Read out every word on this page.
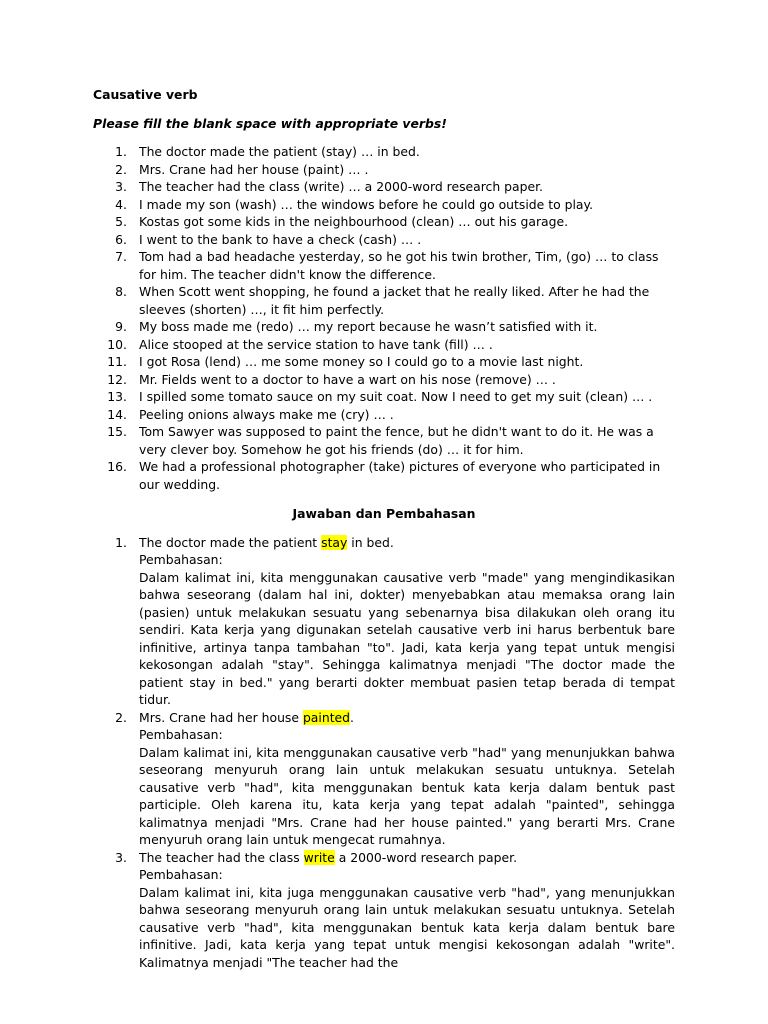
Causative verb
Please fill the blank space with appropriate verbs!
1. The doctor made the patient (stay) … in bed.
2. Mrs. Crane had her house (paint) … .
3. The teacher had the class (write) … a 2000-word research paper.
4. I made my son (wash) … the windows before he could go outside to play.
5. Kostas got some kids in the neighbourhood (clean) … out his garage.
6. I went to the bank to have a check (cash) … .
7. Tom had a bad headache yesterday, so he got his twin brother, Tim, (go) … to class for him. The teacher didn't know the difference.
8. When Scott went shopping, he found a jacket that he really liked. After he had the sleeves (shorten) …, it fit him perfectly.
9. My boss made me (redo) … my report because he wasn’t satisfied with it.
10. Alice stooped at the service station to have tank (fill) … .
11. I got Rosa (lend) … me some money so I could go to a movie last night.
12. Mr. Fields went to a doctor to have a wart on his nose (remove) … .
13. I spilled some tomato sauce on my suit coat. Now I need to get my suit (clean) … .
14. Peeling onions always make me (cry) … .
15. Tom Sawyer was supposed to paint the fence, but he didn't want to do it. He was a very clever boy. Somehow he got his friends (do) … it for him.
16. We had a professional photographer (take) pictures of everyone who participated in our wedding.
Jawaban dan Pembahasan
1. The doctor made the patient stay in bed.
Pembahasan:
Dalam kalimat ini, kita menggunakan causative verb "made" yang mengindikasikan bahwa seseorang (dalam hal ini, dokter) menyebabkan atau memaksa orang lain (pasien) untuk melakukan sesuatu yang sebenarnya bisa dilakukan oleh orang itu sendiri. Kata kerja yang digunakan setelah causative verb ini harus berbentuk bare infinitive, artinya tanpa tambahan "to". Jadi, kata kerja yang tepat untuk mengisi kekosongan adalah "stay". Sehingga kalimatnya menjadi "The doctor made the patient stay in bed." yang berarti dokter membuat pasien tetap berada di tempat tidur.
2. Mrs. Crane had her house painted.
Pembahasan:
Dalam kalimat ini, kita menggunakan causative verb "had" yang menunjukkan bahwa seseorang menyuruh orang lain untuk melakukan sesuatu untuknya. Setelah causative verb "had", kita menggunakan bentuk kata kerja dalam bentuk past participle. Oleh karena itu, kata kerja yang tepat adalah "painted", sehingga kalimatnya menjadi "Mrs. Crane had her house painted." yang berarti Mrs. Crane menyuruh orang lain untuk mengecat rumahnya.
3. The teacher had the class write a 2000-word research paper.
Pembahasan:
Dalam kalimat ini, kita juga menggunakan causative verb "had", yang menunjukkan bahwa seseorang menyuruh orang lain untuk melakukan sesuatu untuknya. Setelah causative verb "had", kita menggunakan bentuk kata kerja dalam bentuk bare infinitive. Jadi, kata kerja yang tepat untuk mengisi kekosongan adalah "write". Kalimatnya menjadi "The teacher had the
